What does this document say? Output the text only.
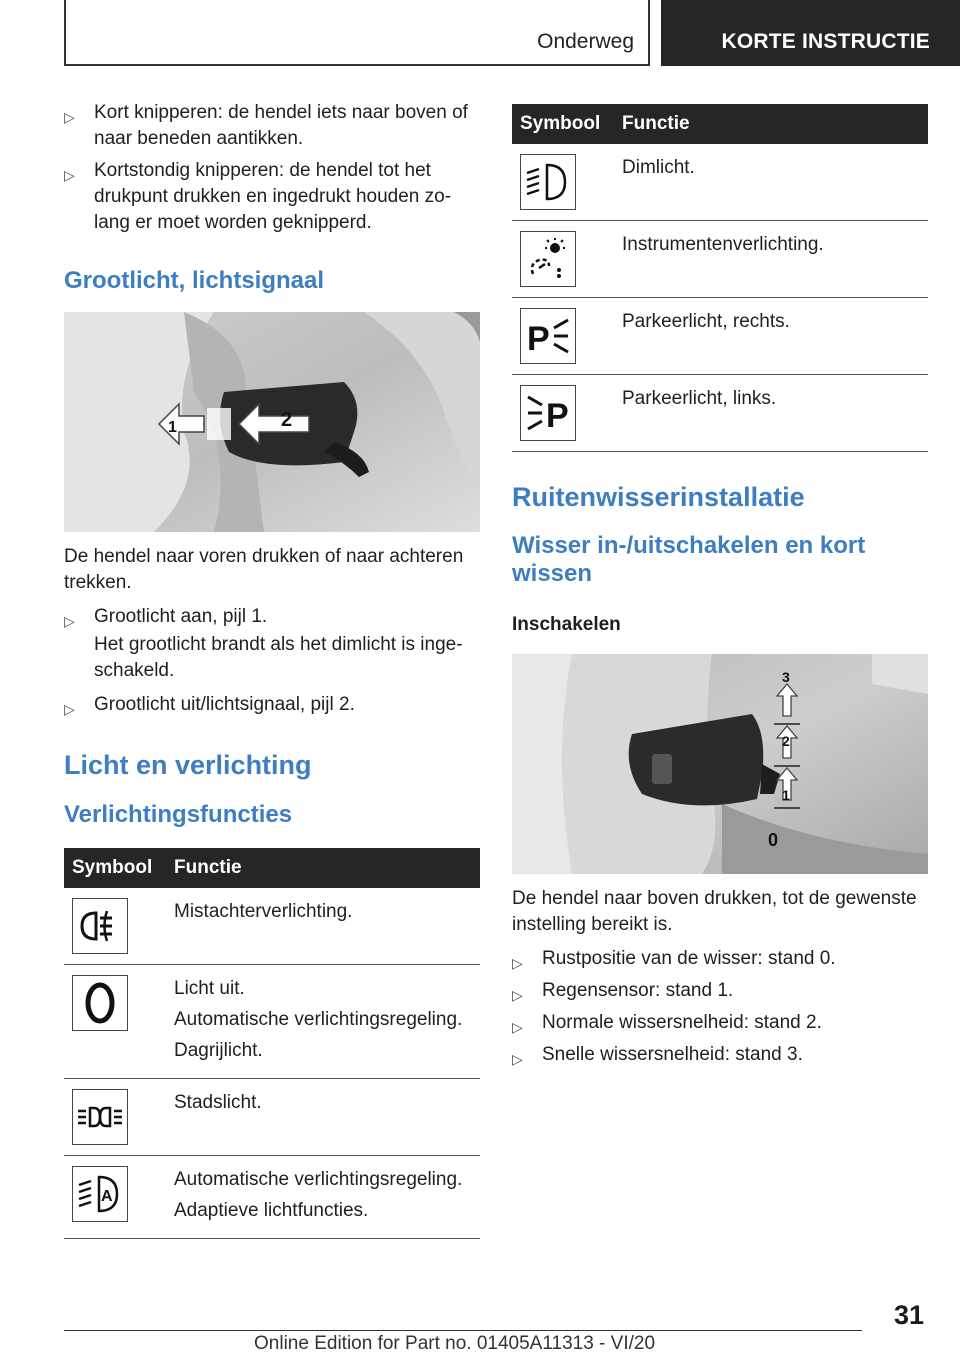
Onderweg	KORTE INSTRUCTIE
▷ Kort knipperen: de hendel iets naar boven of naar beneden aantikken.
▷ Kortstondig knipperen: de hendel tot het drukpunt drukken en ingedrukt houden zo-lang er moet worden geknipperd.
Grootlicht, lichtsignaal
1	2
De hendel naar voren drukken of naar achteren trekken.
▷ Grootlicht aan, pijl 1.
Het grootlicht brandt als het dimlicht is inge-schakeld.
▷ Grootlicht uit/lichtsignaal, pijl 2.
Licht en verlichting
Verlichtingsfuncties
Symbool	Functie

Mistachterverlichting.

Licht uit.

Automatische verlichtingsregeling.

Dagrijlicht.

Stadslicht.

A	Automatische verlichtingsregeling.

Adaptieve lichtfuncties.

Symbool	Functie

Dimlicht.

Instrumentenverlichting.

P	Parkeerlicht, rechts.

P	Parkeerlicht, links.

Ruitenwisserinstallatie
Wisser in-/uitschakelen en kort wissen
Inschakelen
3
2
1
0
De hendel naar boven drukken, tot de gewenste instelling bereikt is.
▷ Rustpositie van de wisser: stand 0.
▷ Regensensor: stand 1.
▷ Normale wissersnelheid: stand 2.
▷ Snelle wissersnelheid: stand 3.
31
Online Edition for Part no. 01405A11313 - VI/20
